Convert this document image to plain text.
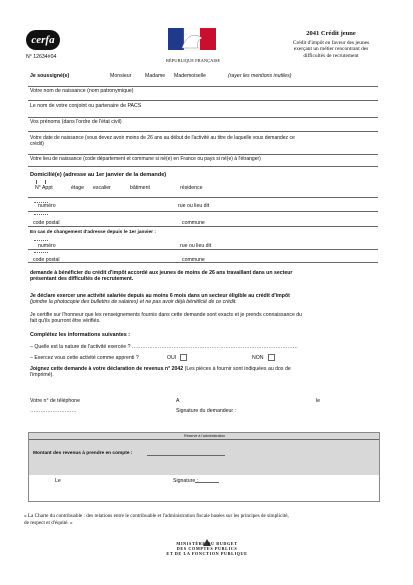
cerfa
N° 12634#04
RÉPUBLIQUE FRANÇAISE
2041 Crédit jeune
Crédit d'impôt en faveur des jeunes
exerçant un métier rencontrant des
difficultés de recrutement
Je soussigné(e)	Monsieur	Madame Mademoiselle	(rayer les mentions inutiles)
Votre nom de naissance (nom patronymique)
Le nom de votre conjoint ou partenaire de PACS
Vos prénoms (dans l'ordre de l'état civil)
Votre date de naissance (vous devez avoir moins de 26 ans au début de l'activité au titre de laquelle vous demandez ce
crédit)
Votre lieu de naissance (code département et commune si né(e) en France ou pays si né(e) à l'étranger)
Domicilié(e) (adresse au 1er janvier de la demande)
N° Appt	étage escalier	bâtiment	résidence
numéro	rue ou lieu dit
code postal	commune
En cas de changement d'adresse depuis le 1er janvier :
numéro	rue ou lieu dit
code postal	commune
demande à bénéficier du crédit d'impôt accordé aux jeunes de moins de 26 ans travaillant dans un secteur
présentant des difficultés de recrutement.
Je déclare exercer une activité salariée depuis au moins 6 mois dans un secteur éligible au crédit d'impôt
(joindre la photocopie des bulletins de salaires) et ne pas avoir déjà bénéficié de ce crédit.
Je certifie sur l'honneur que les renseignements fournis dans cette demande sont exacts et je prends connaissance du
fait qu'ils pourront être vérifiés.
Complétez les informations suivantes :
– Quelle est la nature de l'activité exercée ? ……………………………………………………………………………………
– Exercez vous cette activité comme apprenti ?	OUI	NON
Joignez cette demande à votre déclaration de revenus n° 2042 (Les pièces à fournir sont indiquées au dos de
l'imprimé).
Votre n° de téléphone	A	le
………………………	Signature du demandeur :
Réservé à l'administration
Montant des revenus à prendre en compte :
Le	Signature :
« La Charte du contribuable : des relations entre le contribuable et l'administration fiscale basées sur les principes de simplicité,
de respect et d'équité. »
MINISTÈRE DU BUDGET
DES COMPTES PUBLICS
ET DE LA FONCTION PUBLIQUE
